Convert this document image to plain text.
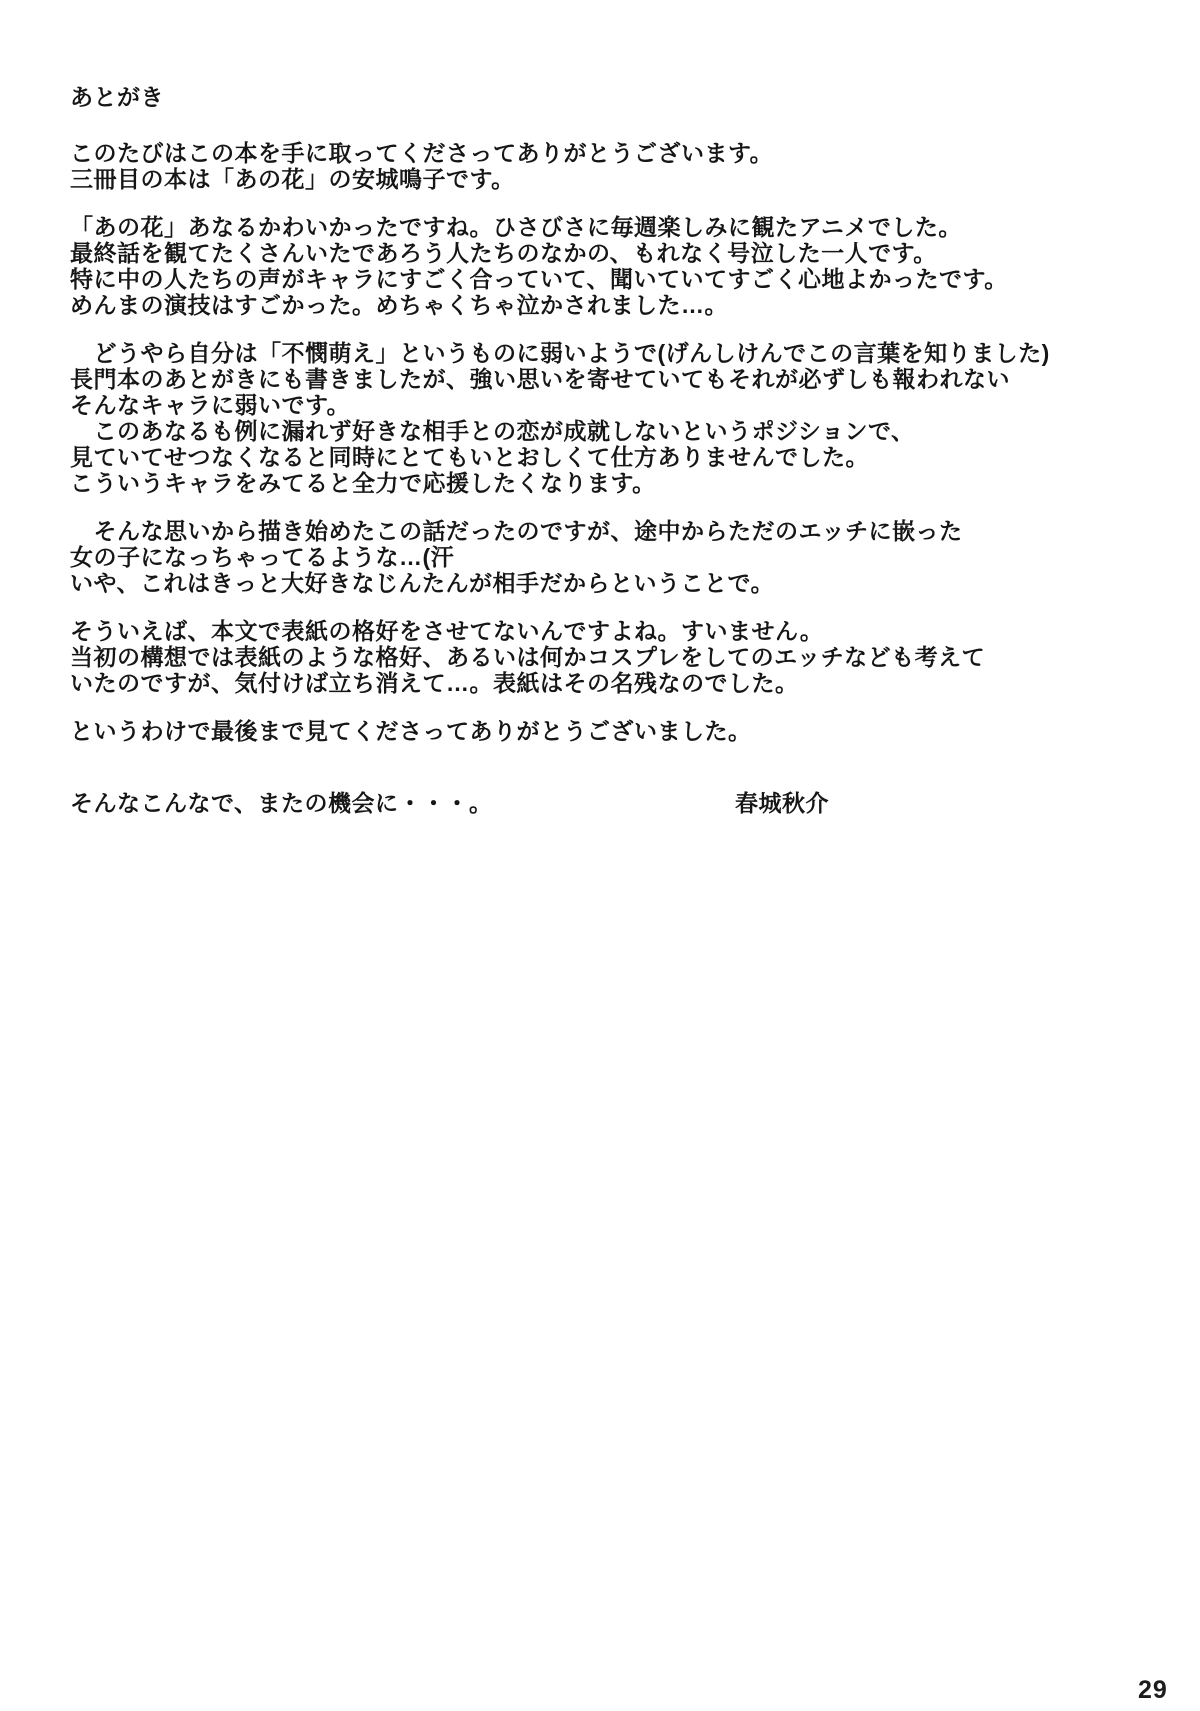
あとがき
このたびはこの本を手に取ってくださってありがとうございます。
三冊目の本は「あの花」の安城鳴子です。
「あの花」あなるかわいかったですね。ひさびさに毎週楽しみに観たアニメでした。
最終話を観てたくさんいたであろう人たちのなかの、もれなく号泣した一人です。
特に中の人たちの声がキャラにすごく合っていて、聞いていてすごく心地よかったです。
めんまの演技はすごかった。めちゃくちゃ泣かされました…。
　どうやら自分は「不憫萌え」というものに弱いようで(げんしけんでこの言葉を知りました)
長門本のあとがきにも書きましたが、強い思いを寄せていてもそれが必ずしも報われない
そんなキャラに弱いです。
　このあなるも例に漏れず好きな相手との恋が成就しないというポジションで、
見ていてせつなくなると同時にとてもいとおしくて仕方ありませんでした。
こういうキャラをみてると全力で応援したくなります。
　そんな思いから描き始めたこの話だったのですが、途中からただのエッチに嵌った
女の子になっちゃってるような…(汗
いや、これはきっと大好きなじんたんが相手だからということで。
そういえば、本文で表紙の格好をさせてないんですよね。すいません。
当初の構想では表紙のような格好、あるいは何かコスプレをしてのエッチなども考えて
いたのですが、気付けば立ち消えて…。表紙はその名残なのでした。
というわけで最後まで見てくださってありがとうございました。
そんなこんなで、またの機会に・・・。	春城秋介
29
